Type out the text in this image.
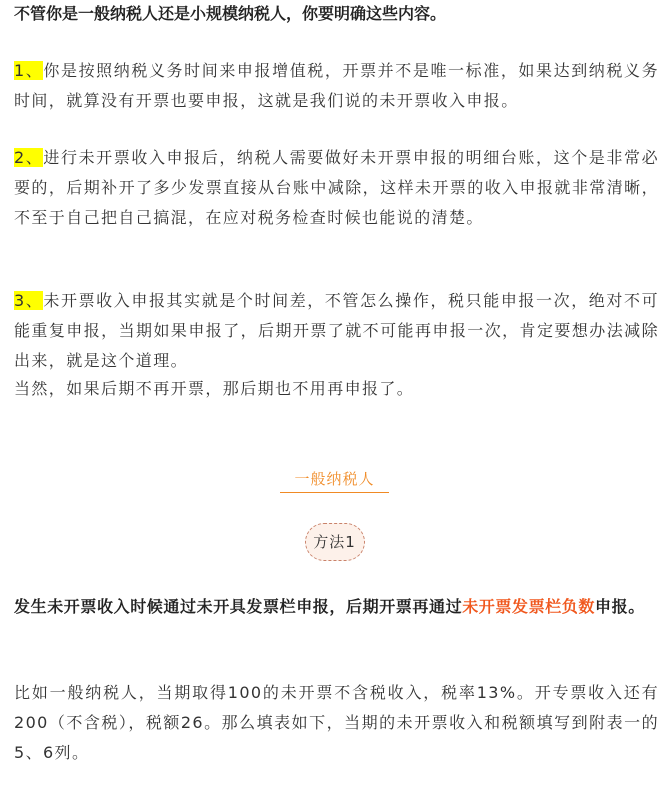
不管你是一般纳税人还是小规模纳税人，你要明确这些内容。

1、你是按照纳税义务时间来申报增值税，开票并不是唯一标准，如果达到纳税义务时间，就算没有开票也要申报，这就是我们说的未开票收入申报。

2、进行未开票收入申报后，纳税人需要做好未开票申报的明细台账，这个是非常必要的，后期补开了多少发票直接从台账中减除，这样未开票的收入申报就非常清晰，不至于自己把自己搞混，在应对税务检查时候也能说的清楚。

3、未开票收入申报其实就是个时间差，不管怎么操作，税只能申报一次，绝对不可能重复申报，当期如果申报了，后期开票了就不可能再申报一次，肯定要想办法减除出来，就是这个道理。

当然，如果后期不再开票，那后期也不用再申报了。

一般纳税人
方法1

发生未开票收入时候通过未开具发票栏申报，后期开票再通过未开票发票栏负数申报。

比如一般纳税人，当期取得100的未开票不含税收入，税率13%。开专票收入还有200（不含税），税额26。那么填表如下，当期的未开票收入和税额填写到附表一的5、6列。
